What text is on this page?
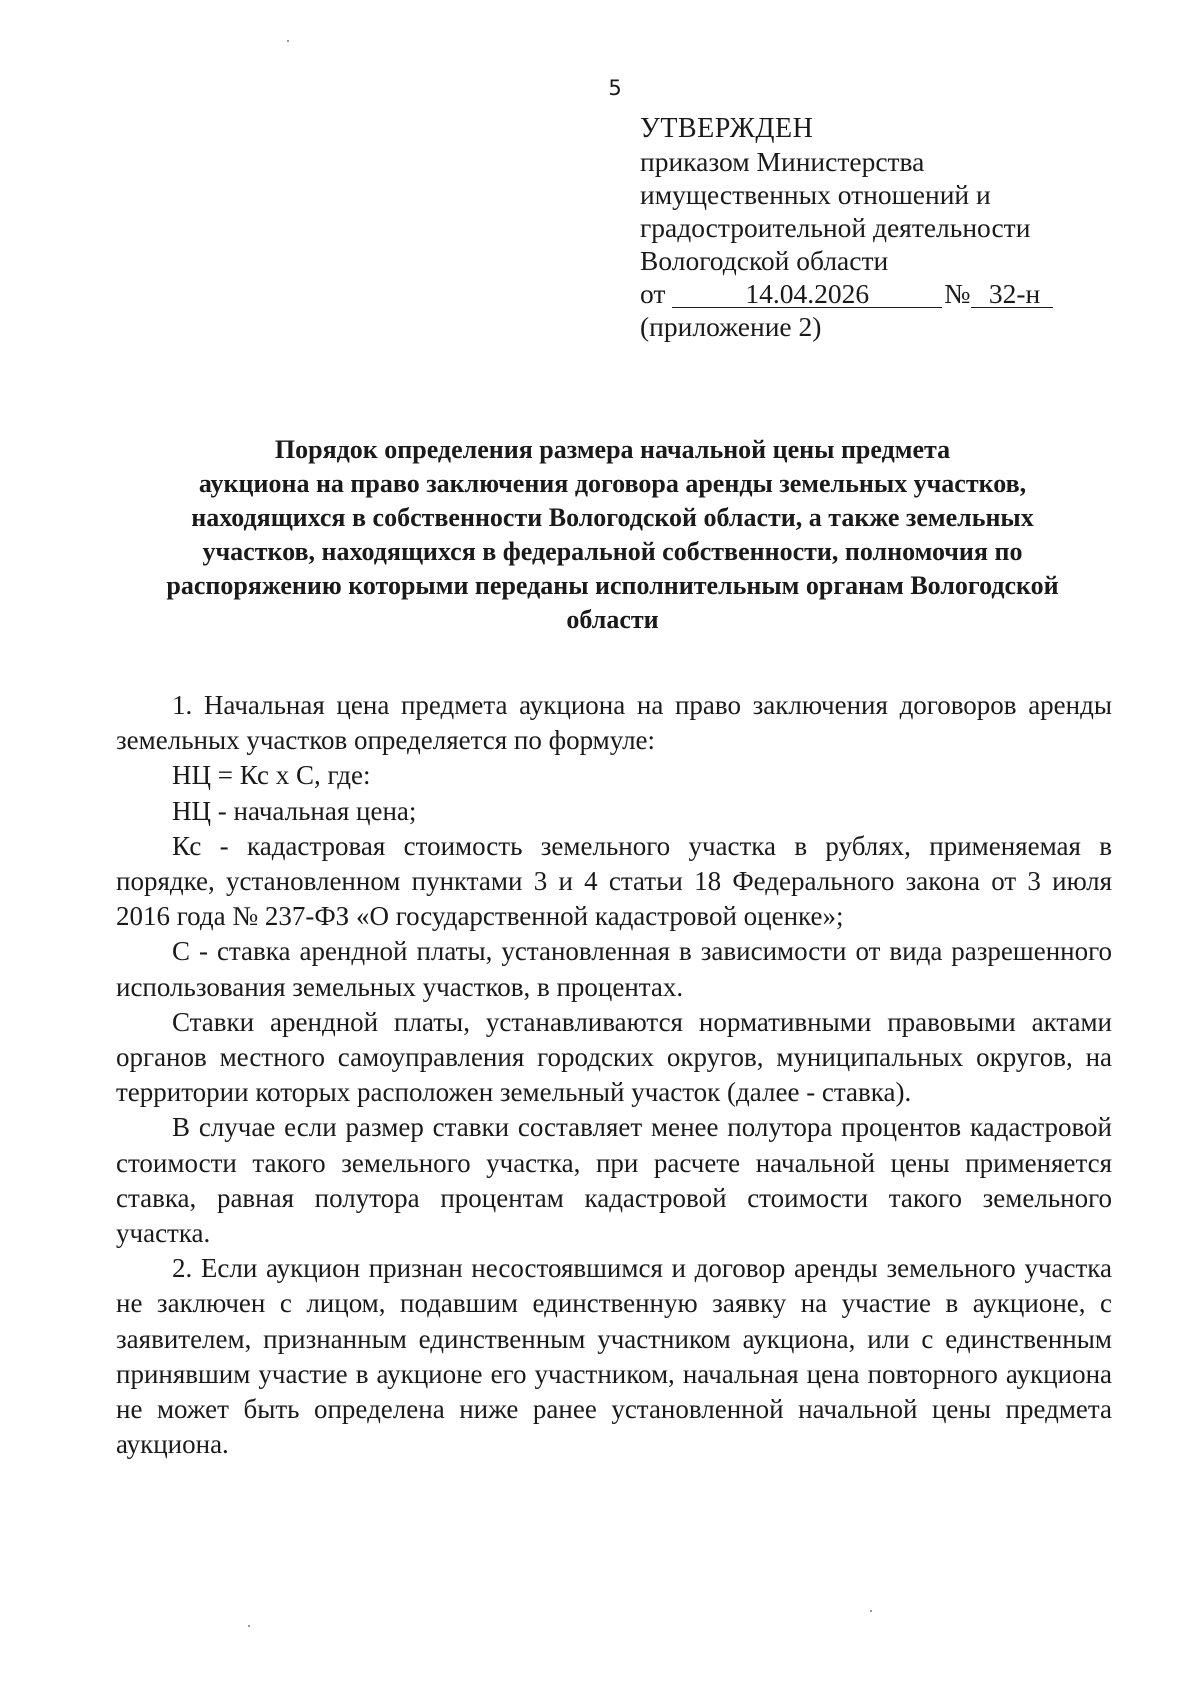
5
УТВЕРЖДЕН
приказом Министерства
имущественных отношений и
градостроительной деятельности
Вологодской области
от	14.04.2026	№ 32-н
(приложение 2)
Порядок определения размера начальной цены предмета
аукциона на право заключения договора аренды земельных участков,
находящихся в собственности Вологодской области, а также земельных
участков, находящихся в федеральной собственности, полномочия по
распоряжению которыми переданы исполнительным органам Вологодской
области

1. Начальная цена предмета аукциона на право заключения договоров аренды земельных участков определяется по формуле:

НЦ = Кс х С, где:

НЦ - начальная цена;

Кс - кадастровая стоимость земельного участка в рублях, применяемая в порядке, установленном пунктами 3 и 4 статьи 18 Федерального закона от 3 июля 2016 года № 237-ФЗ «О государственной кадастровой оценке»;

С - ставка арендной платы, установленная в зависимости от вида разрешенного использования земельных участков, в процентах.

Ставки арендной платы, устанавливаются нормативными правовыми актами органов местного самоуправления городских округов, муниципальных округов, на территории которых расположен земельный участок (далее - ставка).

В случае если размер ставки составляет менее полутора процентов кадастровой стоимости такого земельного участка, при расчете начальной цены применяется ставка, равная полутора процентам кадастровой стоимости такого земельного участка.

2. Если аукцион признан несостоявшимся и договор аренды земельного участка не заключен с лицом, подавшим единственную заявку на участие в аукционе, с заявителем, признанным единственным участником аукциона, или с единственным принявшим участие в аукционе его участником, начальная цена повторного аукциона не может быть определена ниже ранее установленной начальной цены предмета аукциона.
